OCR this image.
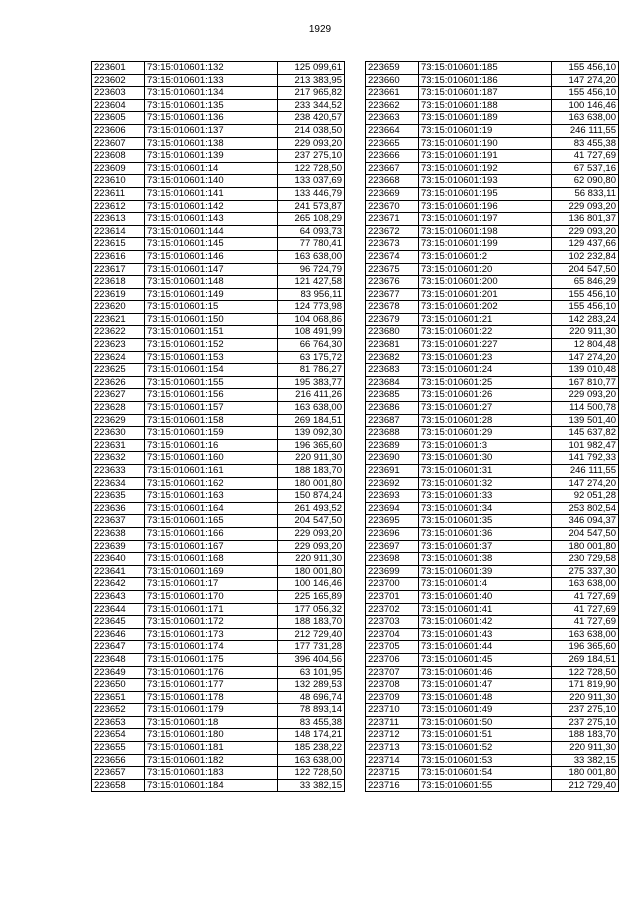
1929
223601	73:15:010601:132	125 099,61
223602	73:15:010601:133	213 383,95
223603	73:15:010601:134	217 965,82
223604	73:15:010601:135	233 344,52
223605	73:15:010601:136	238 420,57
223606	73:15:010601:137	214 038,50
223607	73:15:010601:138	229 093,20
223608	73:15:010601:139	237 275,10
223609	73:15:010601:14	122 728,50
223610	73:15:010601:140	133 037,69
223611	73:15:010601:141	133 446,79
223612	73:15:010601:142	241 573,87
223613	73:15:010601:143	265 108,29
223614	73:15:010601:144	64 093,73
223615	73:15:010601:145	77 780,41
223616	73:15:010601:146	163 638,00
223617	73:15:010601:147	96 724,79
223618	73:15:010601:148	121 427,58
223619	73:15:010601:149	83 956,11
223620	73:15:010601:15	124 773,98
223621	73:15:010601:150	104 068,86
223622	73:15:010601:151	108 491,99
223623	73:15:010601:152	66 764,30
223624	73:15:010601:153	63 175,72
223625	73:15:010601:154	81 786,27
223626	73:15:010601:155	195 383,77
223627	73:15:010601:156	216 411,26
223628	73:15:010601:157	163 638,00
223629	73:15:010601:158	269 184,51
223630	73:15:010601:159	139 092,30
223631	73:15:010601:16	196 365,60
223632	73:15:010601:160	220 911,30
223633	73:15:010601:161	188 183,70
223634	73:15:010601:162	180 001,80
223635	73:15:010601:163	150 874,24
223636	73:15:010601:164	261 493,52
223637	73:15:010601:165	204 547,50
223638	73:15:010601:166	229 093,20
223639	73:15:010601:167	229 093,20
223640	73:15:010601:168	220 911,30
223641	73:15:010601:169	180 001,80
223642	73:15:010601:17	100 146,46
223643	73:15:010601:170	225 165,89
223644	73:15:010601:171	177 056,32
223645	73:15:010601:172	188 183,70
223646	73:15:010601:173	212 729,40
223647	73:15:010601:174	177 731,28
223648	73:15:010601:175	396 404,56
223649	73:15:010601:176	63 101,95
223650	73:15:010601:177	132 289,53
223651	73:15:010601:178	48 696,74
223652	73:15:010601:179	78 893,14
223653	73:15:010601:18	83 455,38
223654	73:15:010601:180	148 174,21
223655	73:15:010601:181	185 238,22
223656	73:15:010601:182	163 638,00
223657	73:15:010601:183	122 728,50
223658	73:15:010601:184	33 382,15
223659	73:15:010601:185	155 456,10
223660	73:15:010601:186	147 274,20
223661	73:15:010601:187	155 456,10
223662	73:15:010601:188	100 146,46
223663	73:15:010601:189	163 638,00
223664	73:15:010601:19	246 111,55
223665	73:15:010601:190	83 455,38
223666	73:15:010601:191	41 727,69
223667	73:15:010601:192	67 537,16
223668	73:15:010601:193	62 090,80
223669	73:15:010601:195	56 833,11
223670	73:15:010601:196	229 093,20
223671	73:15:010601:197	136 801,37
223672	73:15:010601:198	229 093,20
223673	73:15:010601:199	129 437,66
223674	73:15:010601:2	102 232,84
223675	73:15:010601:20	204 547,50
223676	73:15:010601:200	65 846,29
223677	73:15:010601:201	155 456,10
223678	73:15:010601:202	155 456,10
223679	73:15:010601:21	142 283,24
223680	73:15:010601:22	220 911,30
223681	73:15:010601:227	12 804,48
223682	73:15:010601:23	147 274,20
223683	73:15:010601:24	139 010,48
223684	73:15:010601:25	167 810,77
223685	73:15:010601:26	229 093,20
223686	73:15:010601:27	114 500,78
223687	73:15:010601:28	139 501,40
223688	73:15:010601:29	145 637,82
223689	73:15:010601:3	101 982,47
223690	73:15:010601:30	141 792,33
223691	73:15:010601:31	246 111,55
223692	73:15:010601:32	147 274,20
223693	73:15:010601:33	92 051,28
223694	73:15:010601:34	253 802,54
223695	73:15:010601:35	346 094,37
223696	73:15:010601:36	204 547,50
223697	73:15:010601:37	180 001,80
223698	73:15:010601:38	230 729,58
223699	73:15:010601:39	275 337,30
223700	73:15:010601:4	163 638,00
223701	73:15:010601:40	41 727,69
223702	73:15:010601:41	41 727,69
223703	73:15:010601:42	41 727,69
223704	73:15:010601:43	163 638,00
223705	73:15:010601:44	196 365,60
223706	73:15:010601:45	269 184,51
223707	73:15:010601:46	122 728,50
223708	73:15:010601:47	171 819,90
223709	73:15:010601:48	220 911,30
223710	73:15:010601:49	237 275,10
223711	73:15:010601:50	237 275,10
223712	73:15:010601:51	188 183,70
223713	73:15:010601:52	220 911,30
223714	73:15:010601:53	33 382,15
223715	73:15:010601:54	180 001,80
223716	73:15:010601:55	212 729,40
